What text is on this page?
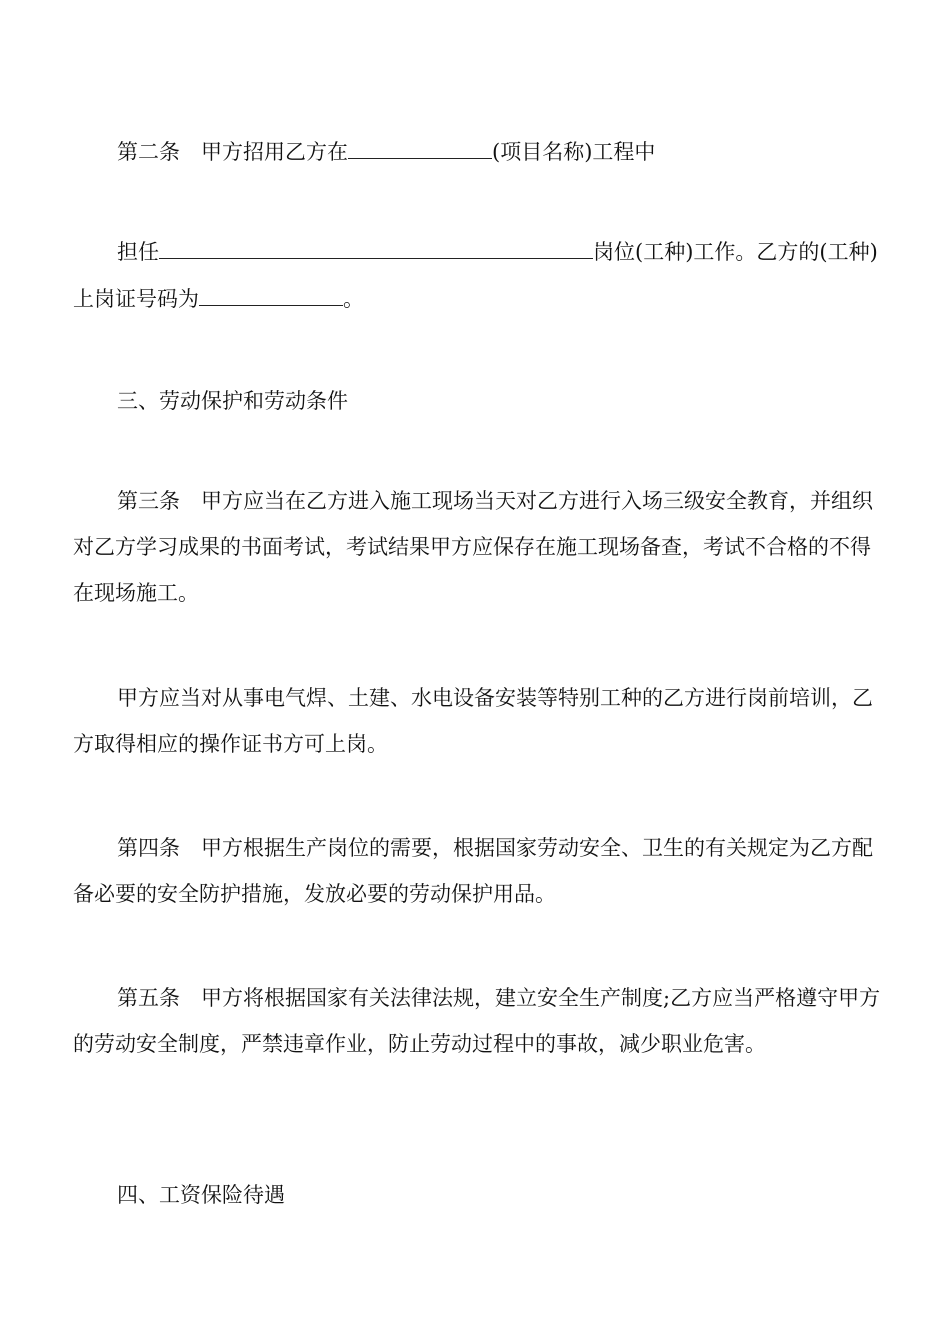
第二条　甲方招用乙方在	(项目名称)工程中

担任	岗位(工种)工作。乙方的(工种)上岗证号码为	。

三、劳动保护和劳动条件

第三条　甲方应当在乙方进入施工现场当天对乙方进行入场三级安全教育，并组织对乙方学习成果的书面考试，考试结果甲方应保存在施工现场备查，考试不合格的不得在现场施工。

甲方应当对从事电气焊、土建、水电设备安装等特别工种的乙方进行岗前培训，乙方取得相应的操作证书方可上岗。

第四条　甲方根据生产岗位的需要，根据国家劳动安全、卫生的有关规定为乙方配备必要的安全防护措施，发放必要的劳动保护用品。

第五条　甲方将根据国家有关法律法规，建立安全生产制度;乙方应当严格遵守甲方的劳动安全制度，严禁违章作业，防止劳动过程中的事故，减少职业危害。

四、工资保险待遇
